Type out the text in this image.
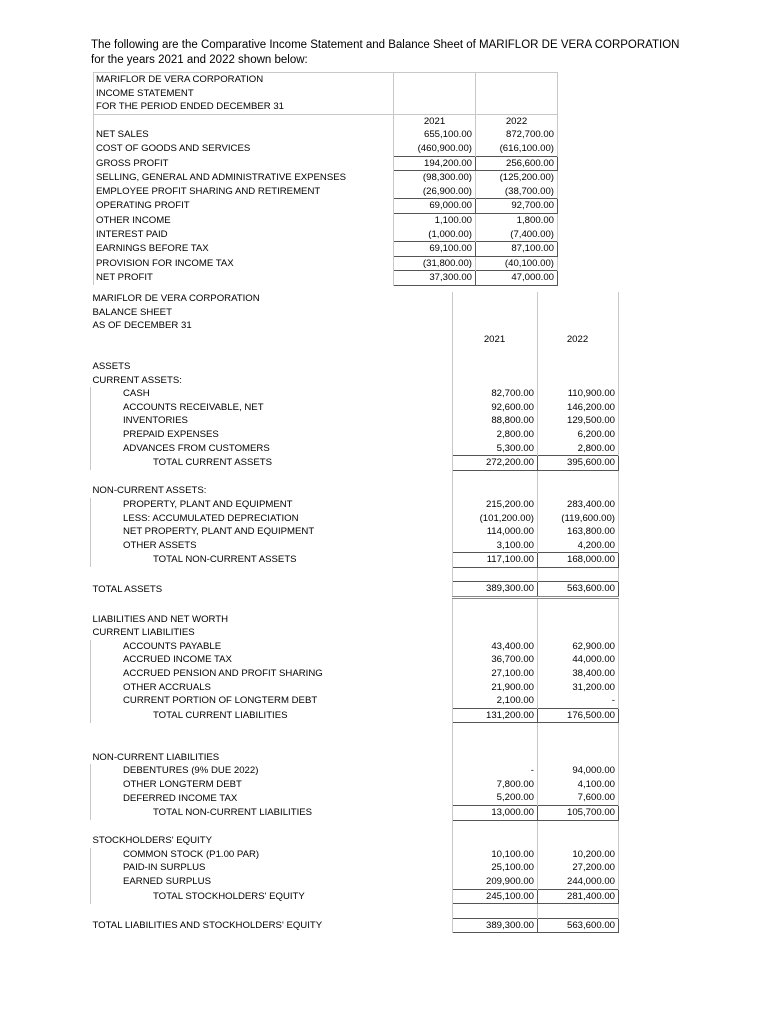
The following are the Comparative Income Statement and Balance Sheet of MARIFLOR DE VERA CORPORATION for the years 2021 and 2022 shown below:
MARIFLOR DE VERA CORPORATION		
INCOME STATEMENT		
FOR THE PERIOD ENDED DECEMBER 31		
	2021	2022
NET SALES	655,100.00	872,700.00
COST OF GOODS AND SERVICES	(460,900.00)	(616,100.00)
GROSS PROFIT	194,200.00	256,600.00
SELLING, GENERAL AND ADMINISTRATIVE EXPENSES	(98,300.00)	(125,200.00)
EMPLOYEE PROFIT SHARING AND RETIREMENT	(26,900.00)	(38,700.00)
OPERATING PROFIT	69,000.00	92,700.00
OTHER INCOME	1,100.00	1,800.00
INTEREST PAID	(1,000.00)	(7,400.00)
EARNINGS BEFORE TAX	69,100.00	87,100.00
PROVISION FOR INCOME TAX	(31,800.00)	(40,100.00)
NET PROFIT	37,300.00	47,000.00
MARIFLOR DE VERA CORPORATION		
BALANCE SHEET		
AS OF DECEMBER 31		
	2021	2022

ASSETS		
CURRENT ASSETS:		
CASH	82,700.00	110,900.00
ACCOUNTS RECEIVABLE, NET	92,600.00	146,200.00
INVENTORIES	88,800.00	129,500.00
PREPAID EXPENSES	2,800.00	6,200.00
ADVANCES FROM CUSTOMERS	5,300.00	2,800.00
TOTAL CURRENT ASSETS	272,200.00	395,600.00

NON-CURRENT ASSETS:		
PROPERTY, PLANT AND EQUIPMENT	215,200.00	283,400.00
LESS: ACCUMULATED DEPRECIATION	(101,200.00)	(119,600.00)
NET PROPERTY, PLANT AND EQUIPMENT	114,000.00	163,800.00
OTHER ASSETS	3,100.00	4,200.00
TOTAL NON-CURRENT ASSETS	117,100.00	168,000.00

TOTAL ASSETS	389,300.00	563,600.00

LIABILITIES AND NET WORTH		
CURRENT LIABILITIES		
ACCOUNTS PAYABLE	43,400.00	62,900.00
ACCRUED INCOME TAX	36,700.00	44,000.00
ACCRUED PENSION AND PROFIT SHARING	27,100.00	38,400.00
OTHER ACCRUALS	21,900.00	31,200.00
CURRENT PORTION OF LONGTERM DEBT	2,100.00	-
TOTAL CURRENT LIABILITIES	131,200.00	176,500.00

NON-CURRENT LIABILITIES		
DEBENTURES (9% DUE 2022)	-	94,000.00
OTHER LONGTERM DEBT	7,800.00	4,100.00
DEFERRED INCOME TAX	5,200.00	7,600.00
TOTAL NON-CURRENT LIABILITIES	13,000.00	105,700.00

STOCKHOLDERS' EQUITY		
COMMON STOCK (P1.00 PAR)	10,100.00	10,200.00
PAID-IN SURPLUS	25,100.00	27,200.00
EARNED SURPLUS	209,900.00	244,000.00
TOTAL STOCKHOLDERS' EQUITY	245,100.00	281,400.00

TOTAL LIABILITIES AND STOCKHOLDERS' EQUITY	389,300.00	563,600.00
